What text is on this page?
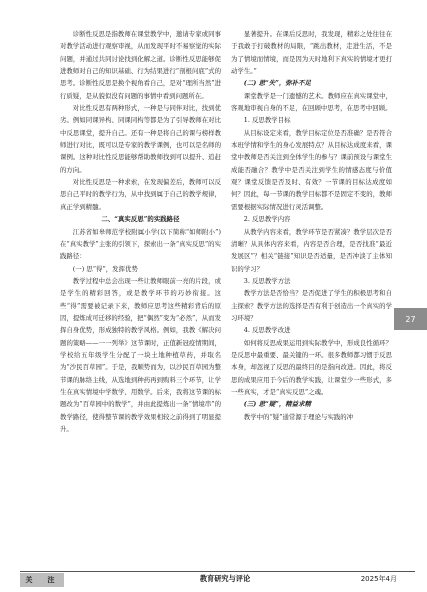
诊断性反思是指教师在课堂教学中，邀请专家或同事对教学活动进行观察审视，从而发现平时不易察觉的实际问题，并通过共同讨论找到化解之道。诊断性反思能够促进教师对自己的知识基础、行为结果进行“剖根问底”式的思考。诊断性反思是换个视角看自己，是对“理所当然”进行质疑，是从貌似没有问题的事情中看到问题所在。

对比性反思有两种形式，一种是与同伴对比，找到优劣。例如同课异构、同课同构等都是为了引导教师在对比中反思课堂，提升自己。还有一种是将自己的课与榜样教师进行对比，既可以是专家的教学课例，也可以是名师的课例。这种对比性反思能够帮助教师找到可以提升、追赶的方向。

对比性反思是一种求索，在发现偏差后，教师可以反思自己平时的教学行为，从中找到属于自己的教学规律，真正学到精髓。

二、“真实反思”的实践路径

江苏省如皋师范学校附属小学(以下简称“如师附小”)在“真实教学”主张的引领下，探索出一条“真实反思”的实践路径：

(一) 思“得”，发挥优势

教学过程中总会出现一些让教师眼前一亮的片段，或是学生的精彩回答，或是教学环节的巧妙衔接。这些“得”需要被记录下来，教师应思考这些精彩背后的原因，提炼成可迁移的经验，把“偶然”变为“必然”，从而发挥自身优势，形成独特的教学风格。例如，我教《解决问题的策略——一一列举》这节课时，正值新冠疫情期间，学校给五年级学生分配了一块土地种植草药，并取名为“沙民百草园”。于是，我顺势而为，以沙民百草园为整节课的脉络主线，从选地到种药再到购料三个环节，让学生在真实情境中学数学、用数学。后来，我将这节课的标题改为“百草园中的数学”，并由此提炼出一条“情境串”的教学路径，使得整节课的教学效果相较之前得到了明显提升。

显著提升。在课后反思时，我发现，精彩之处往往在于我敢于打破教材的局限，“跳出教材，走进生活，不是为了情境而情境，而是因为天时地利下真实的情境才更打动学生。”

(二) 思“失”，弥补不足

课堂教学是一门遗憾的艺术。教师应在真实课堂中，客观地审视自身的不足，在回顾中思考，在思考中回顾。

1. 反思教学目标

从目标设定来看，教学目标定位是否准确？是否符合本班学情和学生的身心发展特点？从目标达成度来看，课堂中教师是否关注到全体学生的参与？课前预设与课堂生成能否融合？教学中是否关注到学生的情感态度与价值观？课堂反馈是否及时、有效？一节课的目标达成度如何？因此，每一节课的教学目标都不是固定不变的，教师需要根据实际情况进行灵活调整。

2. 反思教学内容

从教学内容来看，教学环节是否紧凑？教学层次是否清晰？从具体内容来看，内容是否合理，是否找准“最近发展区”？相关“链接”知识是否适量，是否冲淡了主体知识的学习？

3. 反思教学方法

教学方法是否恰当？是否促进了学生的积极思考和自主探索？教学方法的选择是否有利于创造出一个真实的学习环境？

4. 反思教学改进

如何将反思成果运用到实际教学中，形成良性循环？是反思中最重要、最关键的一环。很多教师都习惯于反思本身，却忽视了反思的最终目的是指向改进。因此，将反思的成果应用于今后的教学实践，让课堂少一些形式，多一些真实，才是“真实反思”之魂。

(三) 思“疑”，精益求精

教学中的“疑”通常源于理论与实践的冲

27
关　注	教育研究与评论	2025年4月
